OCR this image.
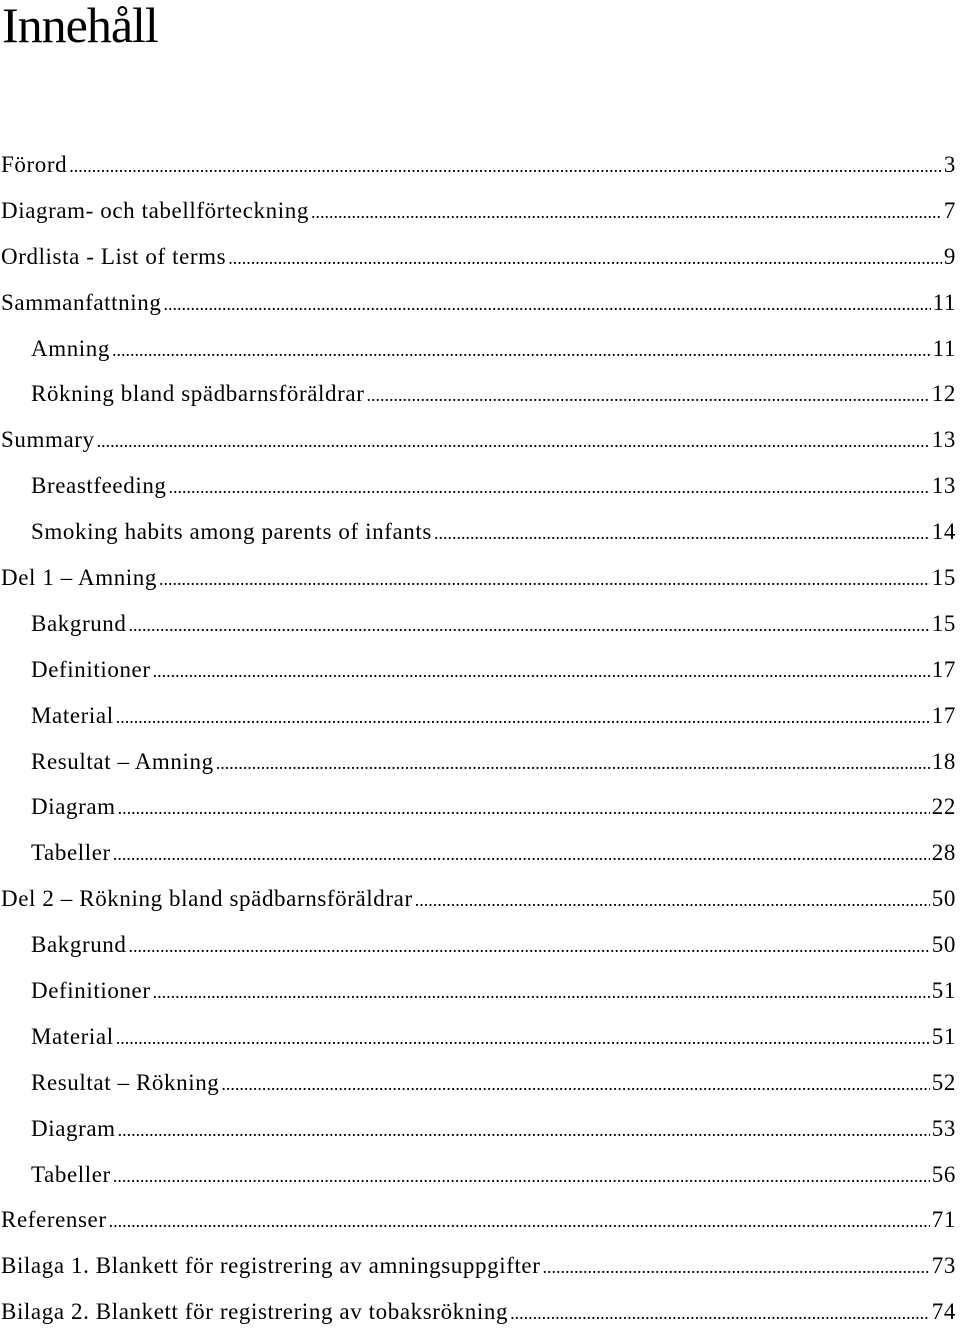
Innehåll
Förord .....	3
Diagram- och tabellförteckning .....	7
Ordlista - List of terms .....	9
Sammanfattning .....	11
Amning .....	11
Rökning bland spädbarnsföräldrar .....	12
Summary .....	13
Breastfeeding .....	13
Smoking habits among parents of infants .....	14
Del 1 – Amning .....	15
Bakgrund .....	15
Definitioner .....	17
Material .....	17
Resultat – Amning .....	18
Diagram .....	22
Tabeller .....	28
Del 2 – Rökning bland spädbarnsföräldrar .....	50
Bakgrund .....	50
Definitioner .....	51
Material .....	51
Resultat – Rökning .....	52
Diagram .....	53
Tabeller .....	56
Referenser .....	71
Bilaga 1. Blankett för registrering av amningsuppgifter .....	73
Bilaga 2. Blankett för registrering av tobaksrökning .....	74
